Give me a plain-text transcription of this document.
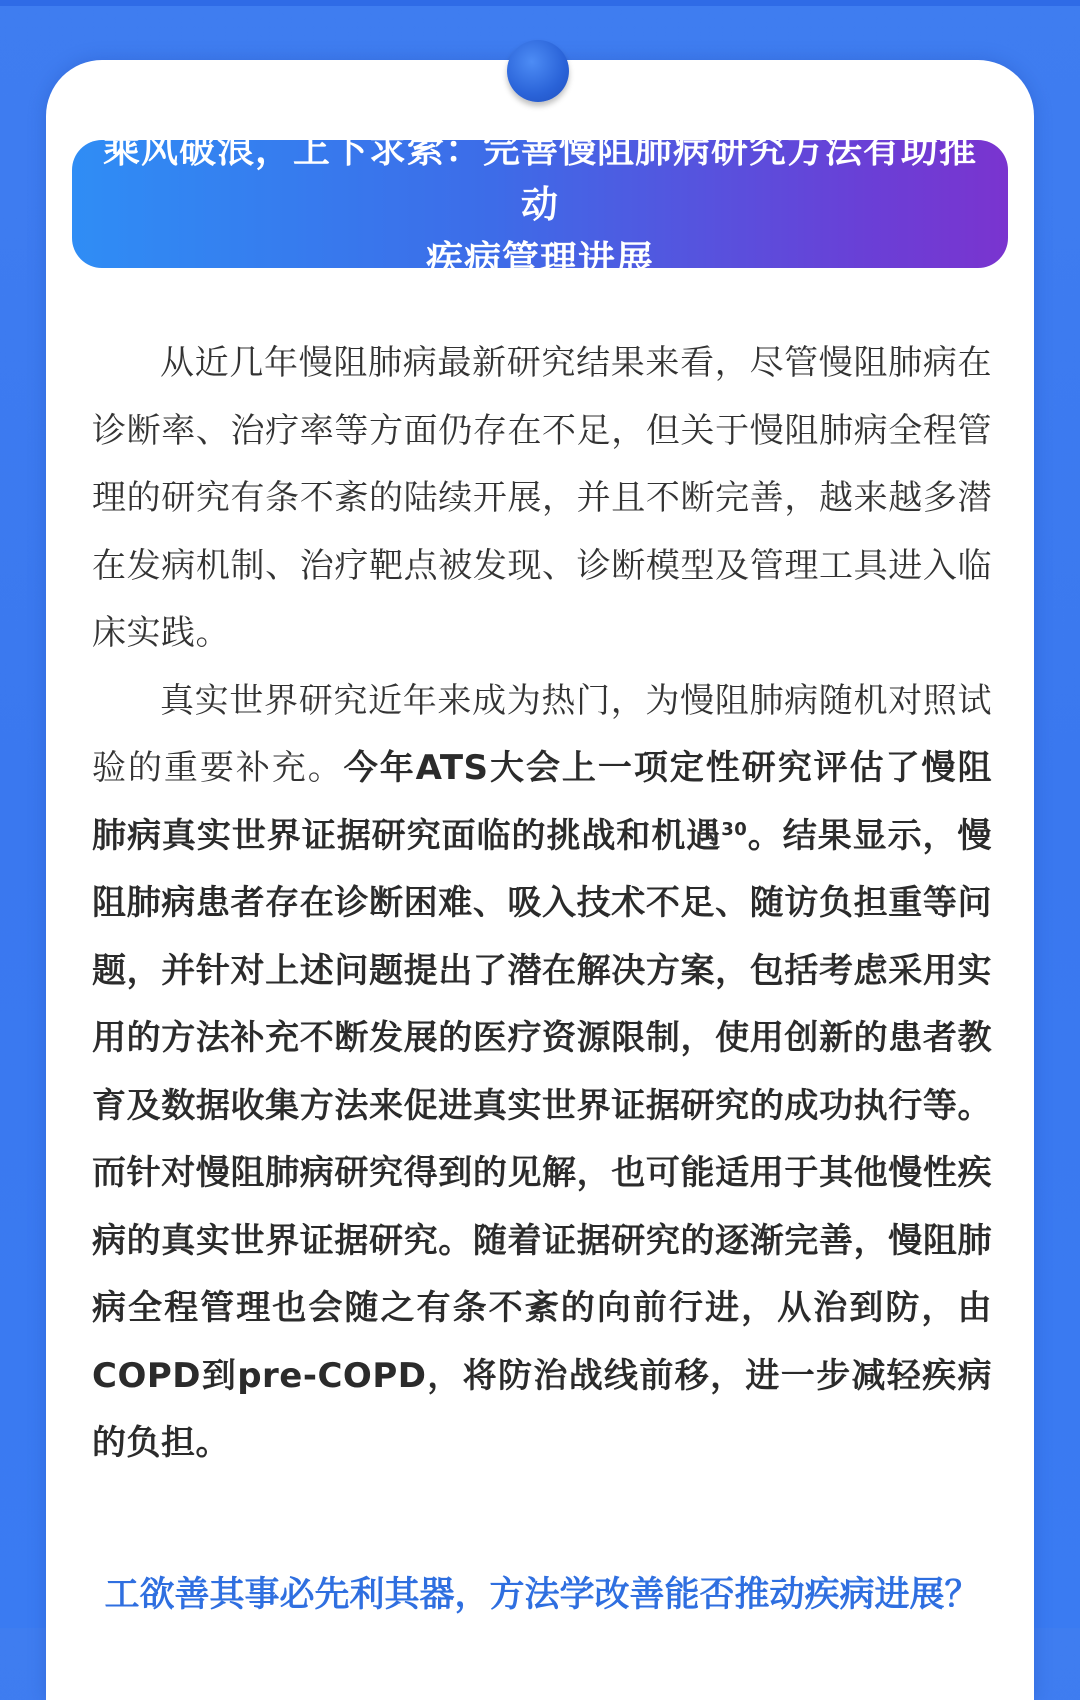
乘风破浪，上下求索：完善慢阻肺病研究方法有助推动
疾病管理进展

从近几年慢阻肺病最新研究结果来看，尽管慢阻肺病在诊断率、治疗率等方面仍存在不足，但关于慢阻肺病全程管理的研究有条不紊的陆续开展，并且不断完善，越来越多潜在发病机制、治疗靶点被发现、诊断模型及管理工具进入临床实践。

真实世界研究近年来成为热门，为慢阻肺病随机对照试验的重要补充。今年ATS大会上一项定性研究评估了慢阻肺病真实世界证据研究面临的挑战和机遇$^{30}$。结果显示，慢阻肺病患者存在诊断困难、吸入技术不足、随访负担重等问题，并针对上述问题提出了潜在解决方案，包括考虑采用实用的方法补充不断发展的医疗资源限制，使用创新的患者教育及数据收集方法来促进真实世界证据研究的成功执行等。而针对慢阻肺病研究得到的见解，也可能适用于其他慢性疾病的真实世界证据研究。随着证据研究的逐渐完善，慢阻肺病全程管理也会随之有条不紊的向前行进，从治到防，由COPD到pre-COPD，将防治战线前移，进一步减轻疾病的负担。

工欲善其事必先利其器，方法学改善能否推动疾病进展？
